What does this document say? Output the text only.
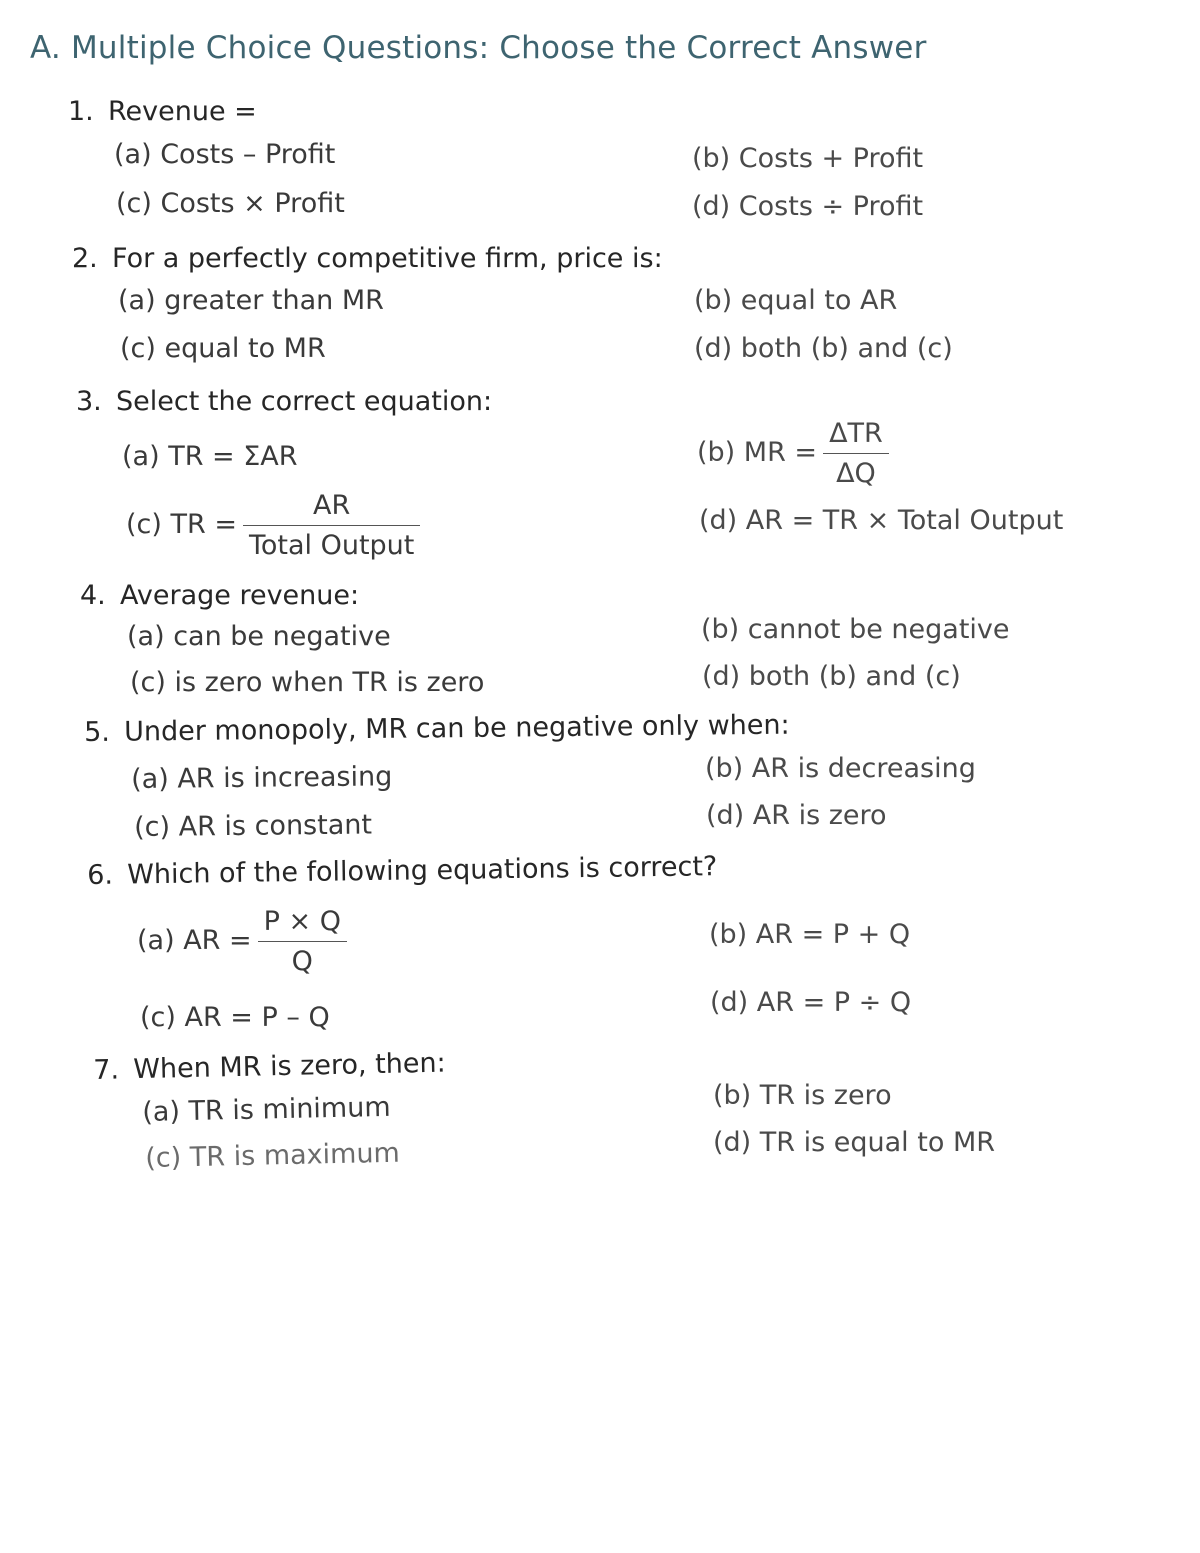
A. Multiple Choice Questions: Choose the Correct Answer
1. Revenue =
(a) Costs – Profit	(b) Costs + Profit
(c) Costs × Profit	(d) Costs ÷ Profit
2. For a perfectly competitive firm, price is:
(a) greater than MR	(b) equal to AR
(c) equal to MR	(d) both (b) and (c)
3. Select the correct equation:
(a) TR = ΣAR	(b) MR = $\frac{\text{ΔTR}}{\Delta Q}$
(c) TR = $\frac{AR}{\text{Total Output}}$	(d) AR = TR × Total Output
4. Average revenue:
(a) can be negative	(b) cannot be negative
(c) is zero when TR is zero	(d) both (b) and (c)
5. Under monopoly, MR can be negative only when:
(a) AR is increasing	(b) AR is decreasing
(c) AR is constant	(d) AR is zero
6. Which of the following equations is correct?
(a) AR = $\frac{P \times Q}{Q}$	(b) AR = P + Q
(c) AR = P – Q	(d) AR = P ÷ Q
7. When MR is zero, then:
(a) TR is minimum	(b) TR is zero
(c) TR is maximum	(d) TR is equal to MR
